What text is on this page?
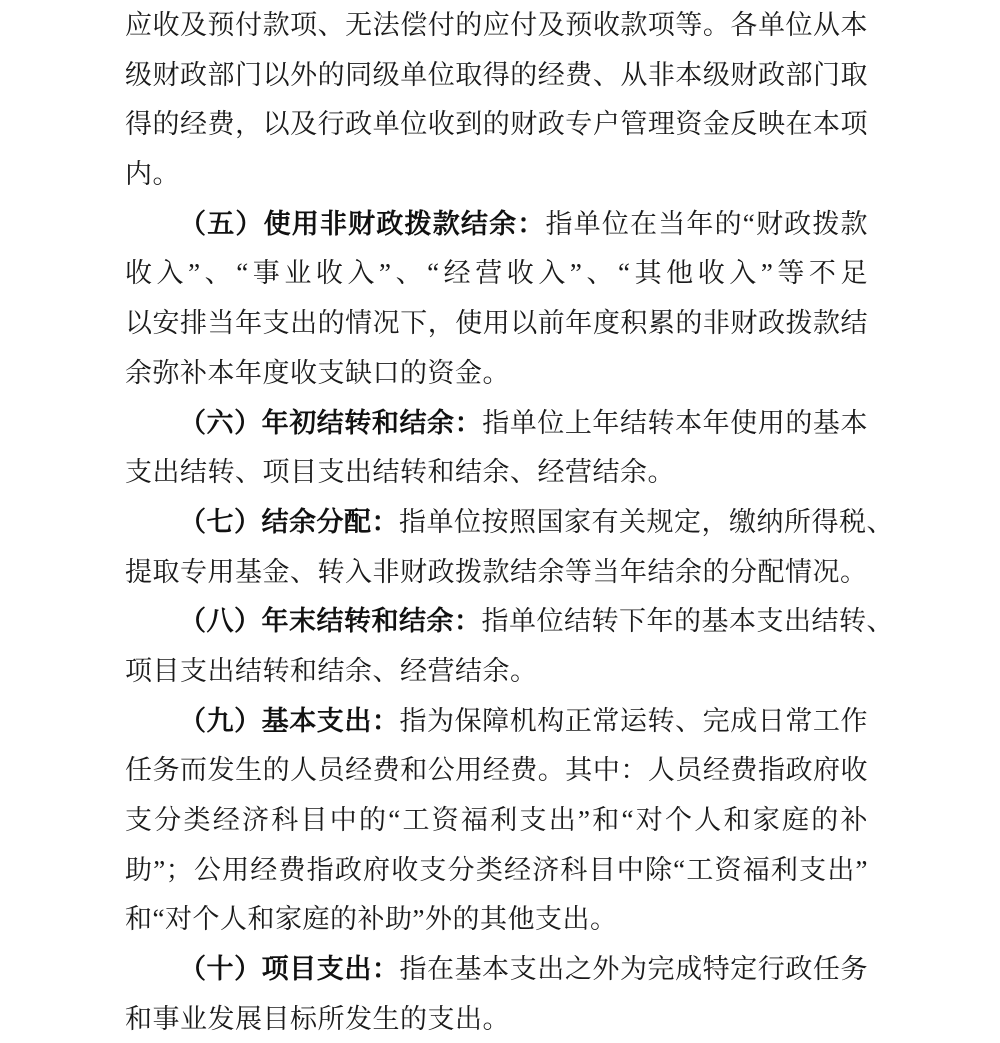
应收及预付款项、无法偿付的应付及预收款项等。各单位从本
级财政部门以外的同级单位取得的经费、从非本级财政部门取
得的经费，以及行政单位收到的财政专户管理资金反映在本项
内。
（五）使用非财政拨款结余：指单位在当年的“财政拨款
收入”、“事业收入”、“经营收入”、“其他收入”等不足
以安排当年支出的情况下，使用以前年度积累的非财政拨款结
余弥补本年度收支缺口的资金。
（六）年初结转和结余：指单位上年结转本年使用的基本
支出结转、项目支出结转和结余、经营结余。
（七）结余分配：指单位按照国家有关规定，缴纳所得税、
提取专用基金、转入非财政拨款结余等当年结余的分配情况。
（八）年末结转和结余：指单位结转下年的基本支出结转、
项目支出结转和结余、经营结余。
（九）基本支出：指为保障机构正常运转、完成日常工作
任务而发生的人员经费和公用经费。其中：人员经费指政府收
支分类经济科目中的“工资福利支出”和“对个人和家庭的补
助”；公用经费指政府收支分类经济科目中除“工资福利支出”
和“对个人和家庭的补助”外的其他支出。
（十）项目支出：指在基本支出之外为完成特定行政任务
和事业发展目标所发生的支出。
